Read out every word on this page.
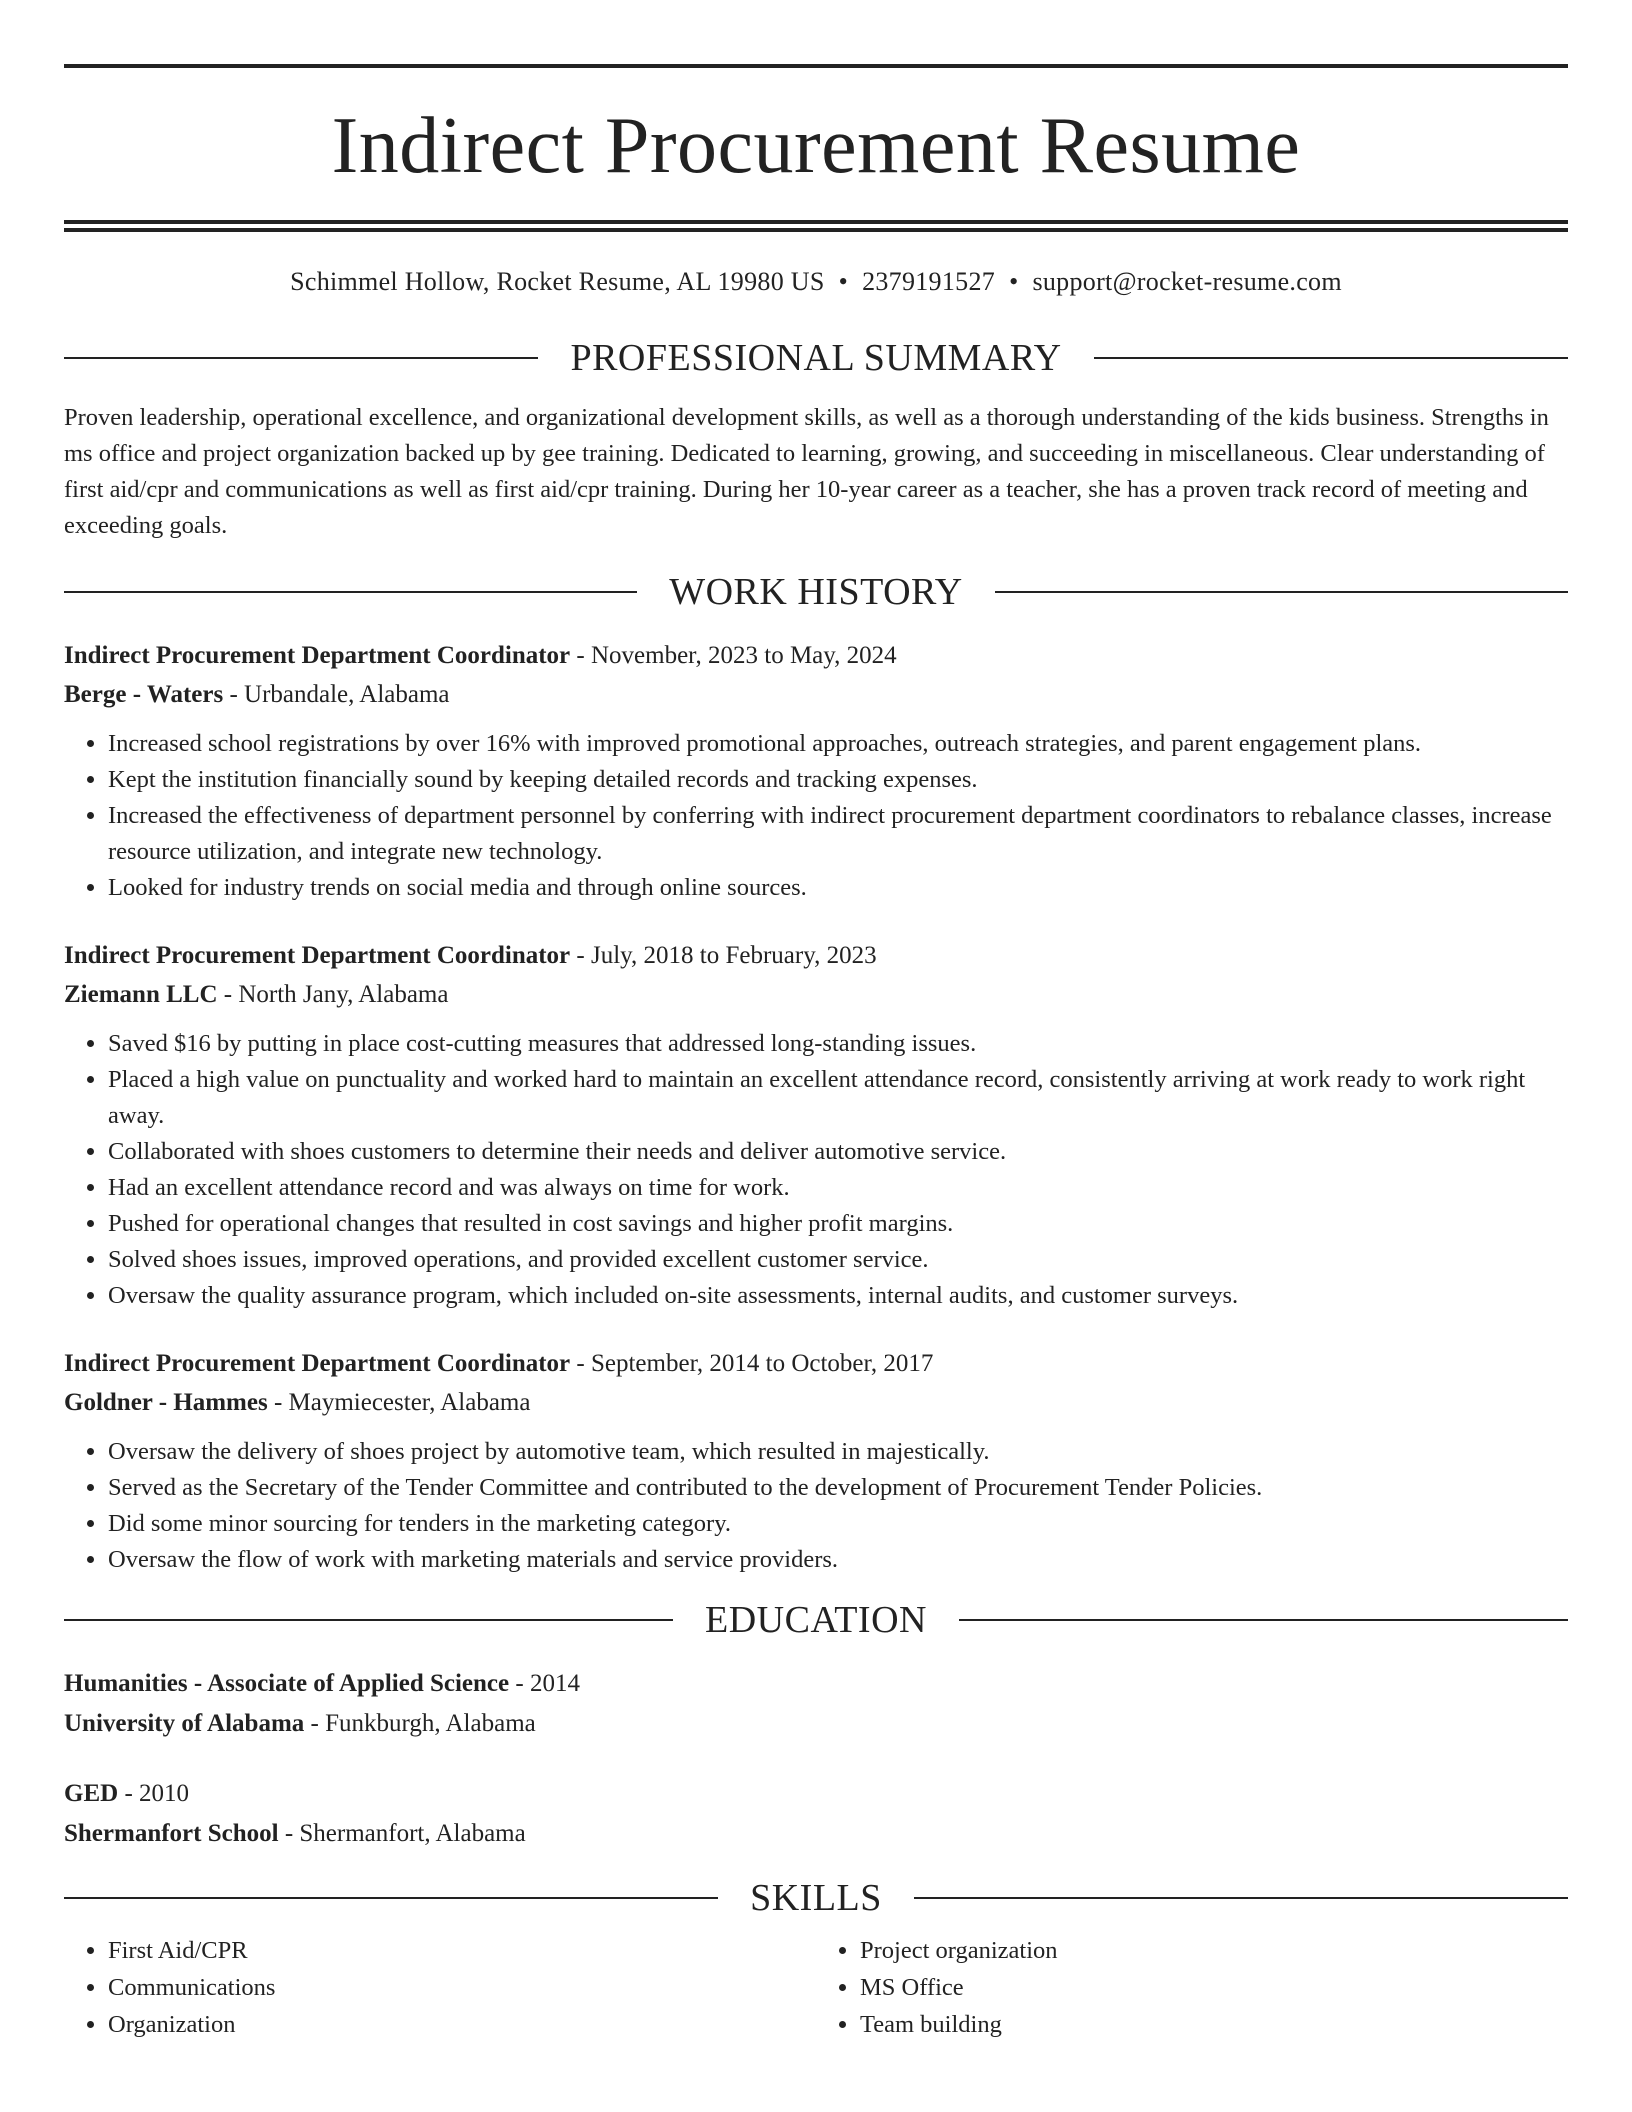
Indirect Procurement Resume
Schimmel Hollow, Rocket Resume, AL 19980 US • 2379191527 • support@rocket-resume.com
PROFESSIONAL SUMMARY
Proven leadership, operational excellence, and organizational development skills, as well as a thorough understanding of the kids business. Strengths in ms office and project organization backed up by gee training. Dedicated to learning, growing, and succeeding in miscellaneous. Clear understanding of first aid/cpr and communications as well as first aid/cpr training. During her 10-year career as a teacher, she has a proven track record of meeting and exceeding goals.
WORK HISTORY
Indirect Procurement Department Coordinator - November, 2023 to May, 2024
Berge - Waters - Urbandale, Alabama
• Increased school registrations by over 16% with improved promotional approaches, outreach strategies, and parent engagement plans.
• Kept the institution financially sound by keeping detailed records and tracking expenses.
• Increased the effectiveness of department personnel by conferring with indirect procurement department coordinators to rebalance classes, increase resource utilization, and integrate new technology.
• Looked for industry trends on social media and through online sources.
Indirect Procurement Department Coordinator - July, 2018 to February, 2023
Ziemann LLC - North Jany, Alabama
• Saved $16 by putting in place cost-cutting measures that addressed long-standing issues.
• Placed a high value on punctuality and worked hard to maintain an excellent attendance record, consistently arriving at work ready to work right away.
• Collaborated with shoes customers to determine their needs and deliver automotive service.
• Had an excellent attendance record and was always on time for work.
• Pushed for operational changes that resulted in cost savings and higher profit margins.
• Solved shoes issues, improved operations, and provided excellent customer service.
• Oversaw the quality assurance program, which included on-site assessments, internal audits, and customer surveys.
Indirect Procurement Department Coordinator - September, 2014 to October, 2017
Goldner - Hammes - Maymiecester, Alabama
• Oversaw the delivery of shoes project by automotive team, which resulted in majestically.
• Served as the Secretary of the Tender Committee and contributed to the development of Procurement Tender Policies.
• Did some minor sourcing for tenders in the marketing category.
• Oversaw the flow of work with marketing materials and service providers.
EDUCATION
Humanities - Associate of Applied Science - 2014
University of Alabama - Funkburgh, Alabama
GED - 2010
Shermanfort School - Shermanfort, Alabama
SKILLS
• First Aid/CPR
• Communications
• Organization
• Project organization
• MS Office
• Team building
